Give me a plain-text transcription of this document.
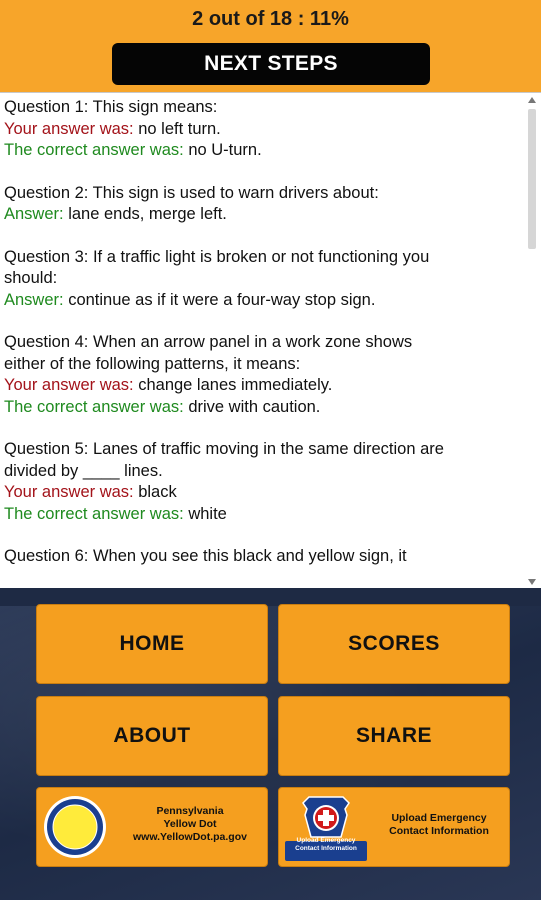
2 out of 18 : 11%
NEXT STEPS
Question 1: This sign means:
Your answer was: no left turn.
The correct answer was: no U-turn.
Question 2: This sign is used to warn drivers about:
Answer: lane ends, merge left.
Question 3: If a traffic light is broken or not functioning you
should:
Answer: continue as if it were a four-way stop sign.
Question 4: When an arrow panel in a work zone shows
either of the following patterns, it means:
Your answer was: change lanes immediately.
The correct answer was: drive with caution.
Question 5: Lanes of traffic moving in the same direction are
divided by ____ lines.
Your answer was: black
The correct answer was: white
Question 6: When you see this black and yellow sign, it
HOME	SCORES
ABOUT	SHARE
Pennsylvania
Yellow Dot
www.YellowDot.pa.gov	Upload Emergency
Contact Information
Upload Emergency
Contact Information
